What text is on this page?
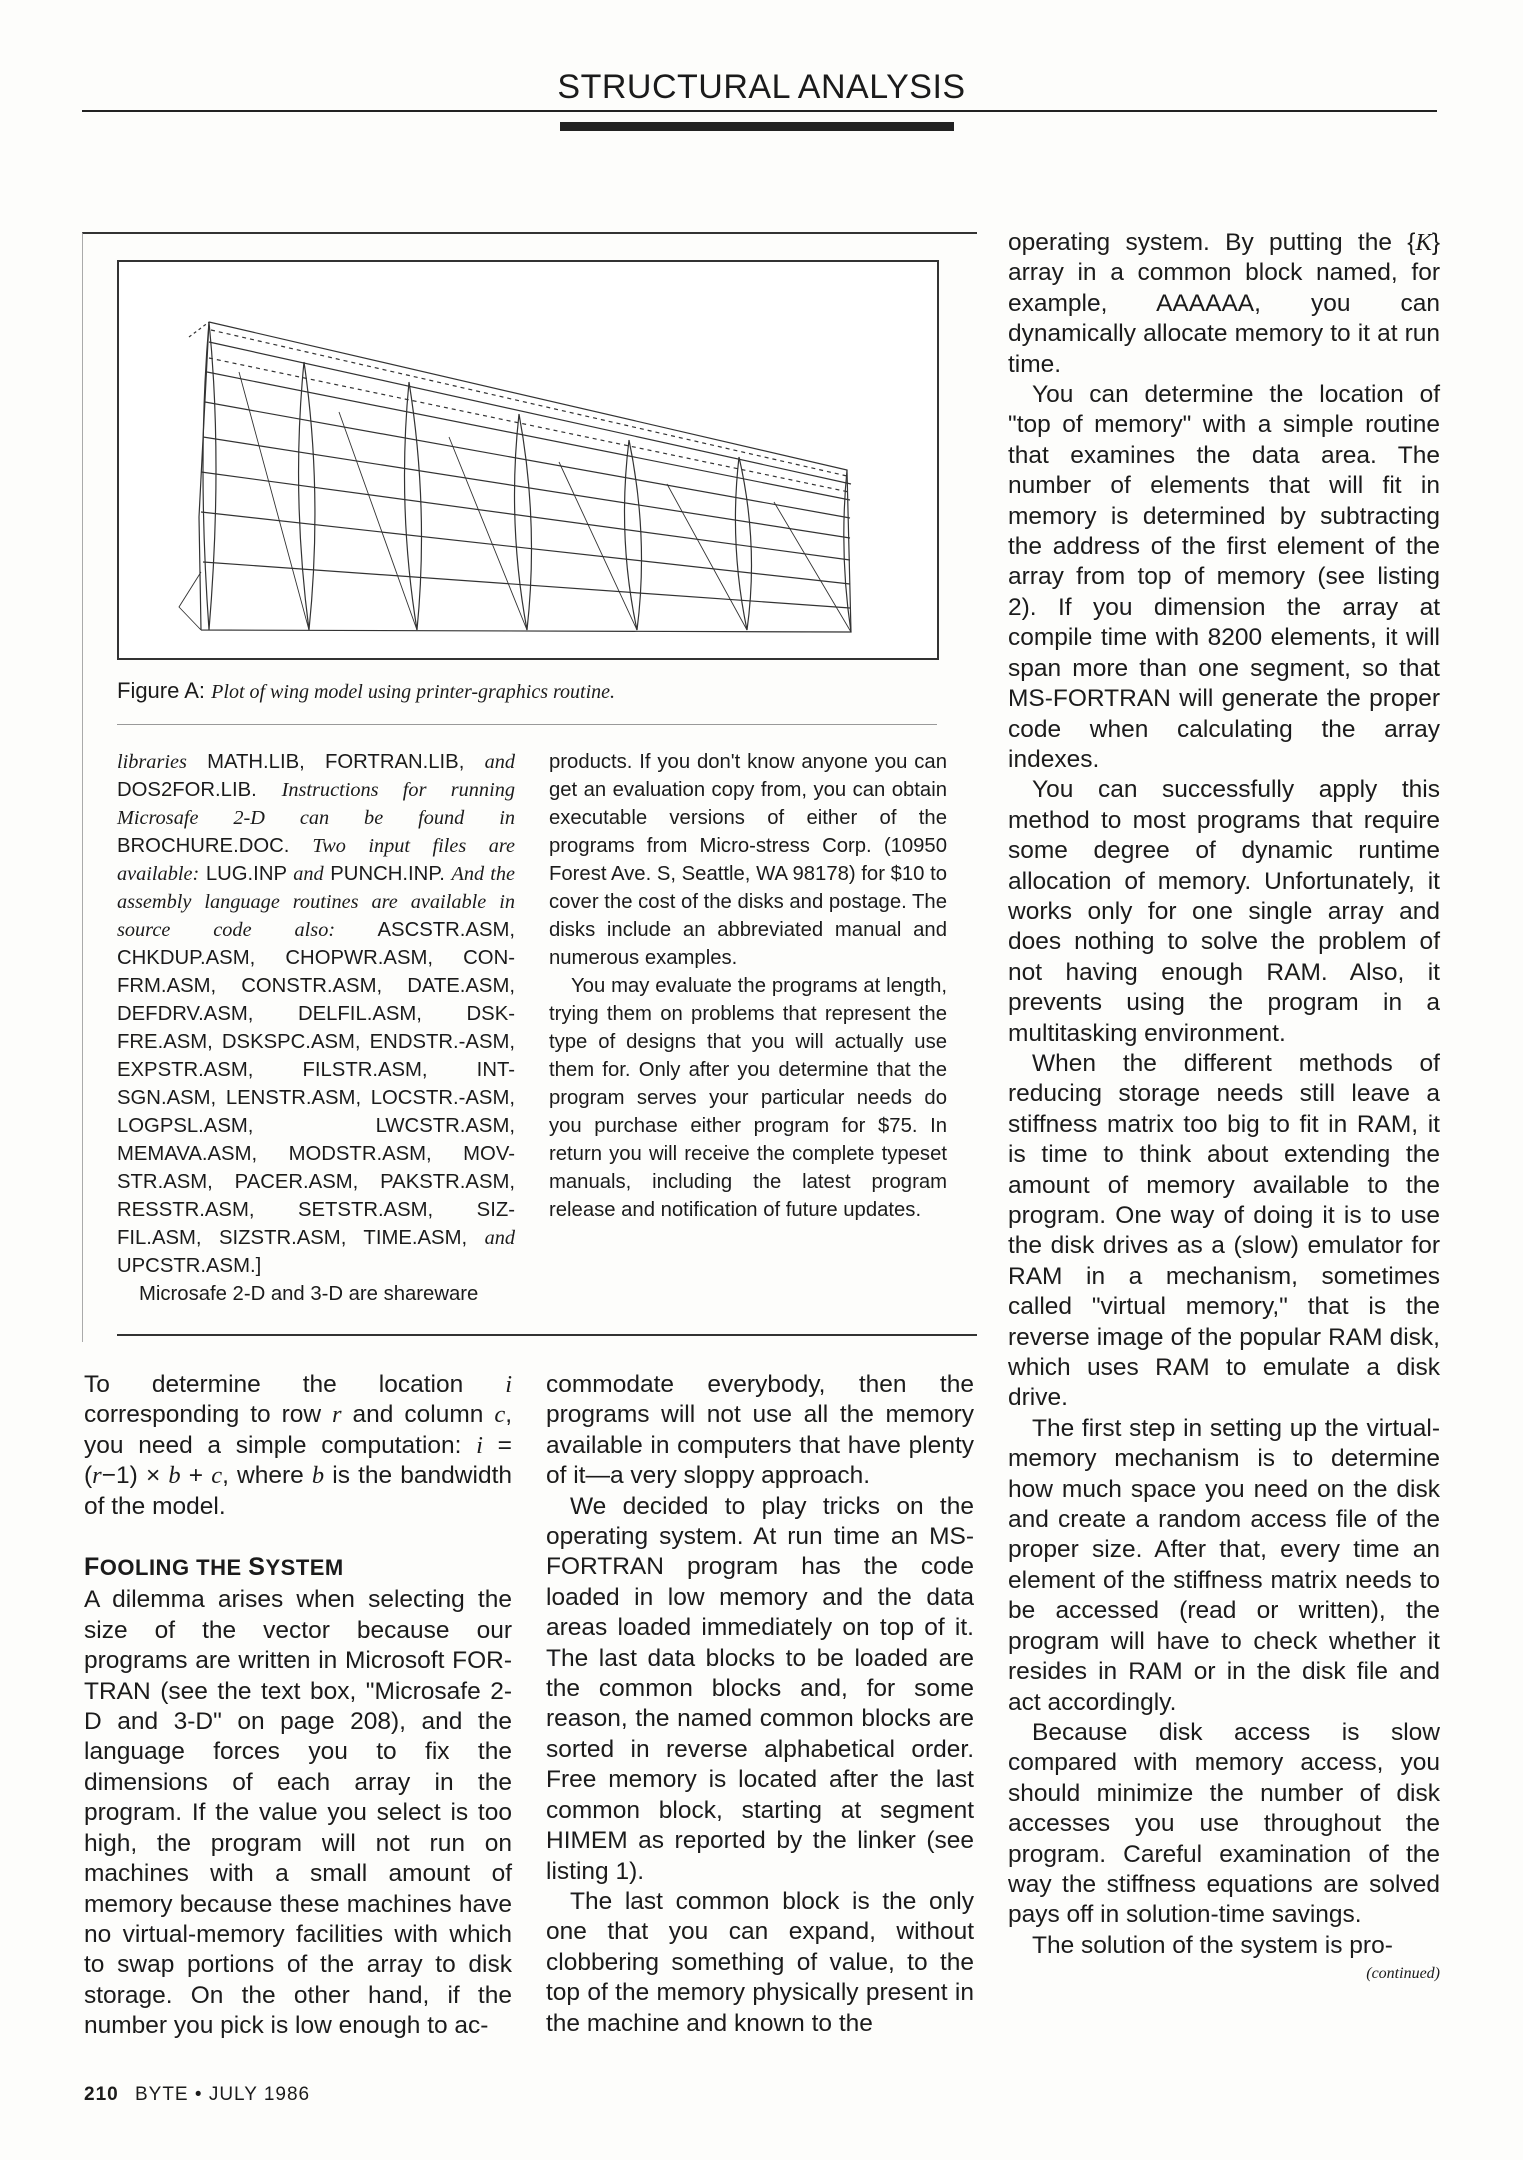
STRUCTURAL ANALYSIS
Figure A: Plot of wing model using printer-graphics routine.

libraries MATH.LIB, FORTRAN.LIB, and DOS2FOR.LIB. Instructions for running Microsafe 2-D can be found in BROCHURE.DOC. Two input files are available: LUG.INP and PUNCH.INP. And the assembly language routines are available in source code also: ASCSTR.ASM, CHKDUP.ASM, CHOPWR.ASM, CON-FRM.ASM, CONSTR.ASM, DATE.ASM, DEFDRV.ASM, DELFIL.ASM, DSK-FRE.ASM, DSKSPC.ASM, ENDSTR.-ASM, EXPSTR.ASM, FILSTR.ASM, INT-SGN.ASM, LENSTR.ASM, LOCSTR.-ASM, LOGPSL.ASM, LWCSTR.ASM, MEMAVA.ASM, MODSTR.ASM, MOV-STR.ASM, PACER.ASM, PAKSTR.ASM, RESSTR.ASM, SETSTR.ASM, SIZ-FIL.ASM, SIZSTR.ASM, TIME.ASM, and UPCSTR.ASM.]

Microsafe 2-D and 3-D are shareware

products. If you don't know anyone you can get an evaluation copy from, you can obtain executable versions of either of the programs from Micro-stress Corp. (10950 Forest Ave. S, Seattle, WA 98178) for $10 to cover the cost of the disks and postage. The disks include an abbreviated manual and numerous examples.

You may evaluate the programs at length, trying them on problems that represent the type of designs that you will actually use them for. Only after you determine that the program serves your particular needs do you purchase either program for $75. In return you will receive the complete typeset manuals, including the latest program release and notification of future updates.

To determine the location i corresponding to row r and column c, you need a simple computation: i = (r−1) × b + c, where b is the bandwidth of the model.

FOOLING THE SYSTEM

A dilemma arises when selecting the size of the vector because our programs are written in Microsoft FOR-TRAN (see the text box, "Microsafe 2-D and 3-D" on page 208), and the language forces you to fix the dimensions of each array in the program. If the value you select is too high, the program will not run on machines with a small amount of memory because these machines have no virtual-memory facilities with which to swap portions of the array to disk storage. On the other hand, if the number you pick is low enough to ac-

commodate everybody, then the programs will not use all the memory available in computers that have plenty of it—a very sloppy approach.

We decided to play tricks on the operating system. At run time an MS-FORTRAN program has the code loaded in low memory and the data areas loaded immediately on top of it. The last data blocks to be loaded are the common blocks and, for some reason, the named common blocks are sorted in reverse alphabetical order. Free memory is located after the last common block, starting at segment HIMEM as reported by the linker (see listing 1).

The last common block is the only one that you can expand, without clobbering something of value, to the top of the memory physically present in the machine and known to the

operating system. By putting the {K} array in a common block named, for example, AAAAAA, you can dynamically allocate memory to it at run time.

You can determine the location of "top of memory" with a simple routine that examines the data area. The number of elements that will fit in memory is determined by subtracting the address of the first element of the array from top of memory (see listing 2). If you dimension the array at compile time with 8200 elements, it will span more than one segment, so that MS-FORTRAN will generate the proper code when calculating the array indexes.

You can successfully apply this method to most programs that require some degree of dynamic runtime allocation of memory. Unfortunately, it works only for one single array and does nothing to solve the problem of not having enough RAM. Also, it prevents using the program in a multitasking environment.

When the different methods of reducing storage needs still leave a stiffness matrix too big to fit in RAM, it is time to think about extending the amount of memory available to the program. One way of doing it is to use the disk drives as a (slow) emulator for RAM in a mechanism, sometimes called "virtual memory," that is the reverse image of the popular RAM disk, which uses RAM to emulate a disk drive.

The first step in setting up the virtual-memory mechanism is to determine how much space you need on the disk and create a random access file of the proper size. After that, every time an element of the stiffness matrix needs to be accessed (read or written), the program will have to check whether it resides in RAM or in the disk file and act accordingly.

Because disk access is slow compared with memory access, you should minimize the number of disk accesses you use throughout the program. Careful examination of the way the stiffness equations are solved pays off in solution-time savings.

The solution of the system is pro-

(continued)
210 BYTE • JULY 1986
